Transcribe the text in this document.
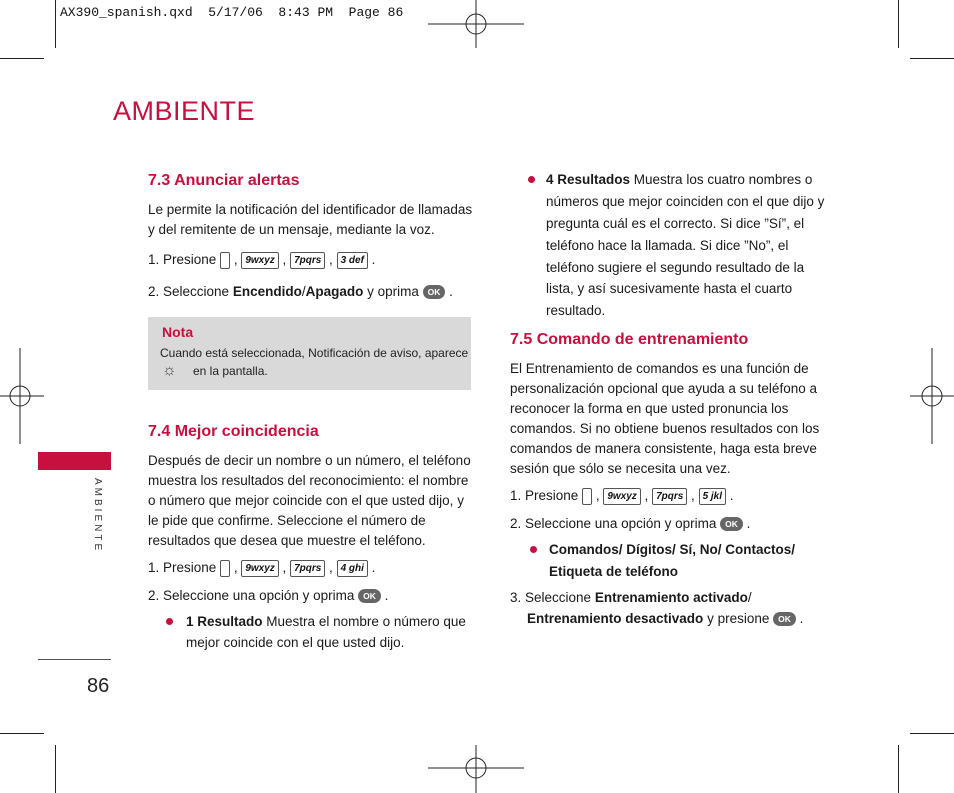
AX390_spanish.qxd  5/17/06  8:43 PM  Page 86
AMBIENTE
AMBIENTE
86
7.3 Anunciar alertas
Le permite la notificación del identificador de llamadas
y del remitente de un mensaje, mediante la voz.
1. Presione   , 9wxyz , 7pqrs , 3 def .
2. Seleccione Encendido/Apagado y oprima OK .
Nota
Cuando está seleccionada, Notificación de aviso, aparece
☼ en la pantalla.
7.4 Mejor coincidencia
Después de decir un nombre o un número, el teléfono
muestra los resultados del reconocimiento: el nombre
o número que mejor coincide con el que usted dijo, y
le pide que confirme. Seleccione el número de
resultados que desea que muestre el teléfono.
1. Presione   , 9wxyz , 7pqrs , 4 ghi .
2. Seleccione una opción y oprima OK .
1 Resultado Muestra el nombre o número que
mejor coincide con el que usted dijo.
4 Resultados Muestra los cuatro nombres o
números que mejor coinciden con el que dijo y
pregunta cuál es el correcto. Si dice ”Sí”, el
teléfono hace la llamada. Si dice ”No”, el
teléfono sugiere el segundo resultado de la
lista, y así sucesivamente hasta el cuarto
resultado.
7.5 Comando de entrenamiento
El Entrenamiento de comandos es una función de
personalización opcional que ayuda a su teléfono a
reconocer la forma en que usted pronuncia los
comandos. Si no obtiene buenos resultados con los
comandos de manera consistente, haga esta breve
sesión que sólo se necesita una vez.
1. Presione   , 9wxyz , 7pqrs , 5 jkl .
2. Seleccione una opción y oprima OK .
Comandos/ Dígitos/ Sí, No/ Contactos/
Etiqueta de teléfono
3. Seleccione Entrenamiento activado/
Entrenamiento desactivado y presione OK .
